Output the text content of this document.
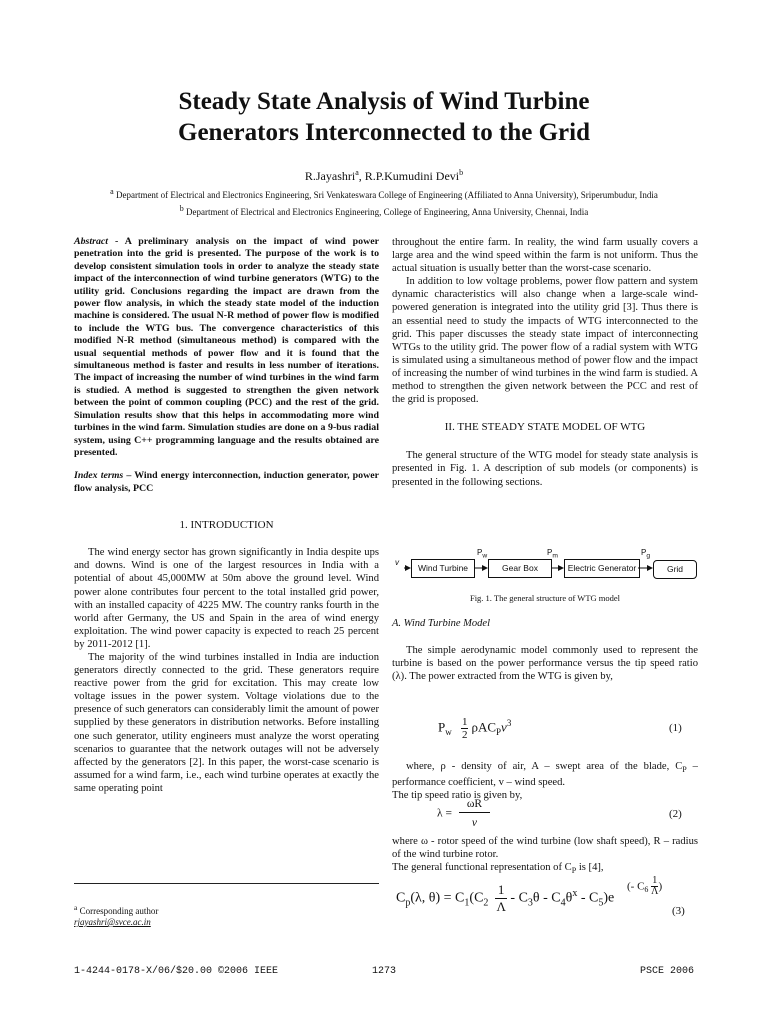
Steady State Analysis of Wind Turbine
Generators Interconnected to the Grid
R.Jayashri$^a$, R.P.Kumudini Devi$^b$
$^a$ Department of Electrical and Electronics Engineering, Sri Venkateswara College of Engineering (Affiliated to Anna University), Sriperumbudur, India
$^b$ Department of Electrical and Electronics Engineering, College of Engineering, Anna University, Chennai, India

Abstract - A preliminary analysis on the impact of wind power penetration into the grid is presented. The purpose of the work is to develop consistent simulation tools in order to analyze the steady state impact of the interconnection of wind turbine generators (WTG) to the utility grid. Conclusions regarding the impact are drawn from the power flow analysis, in which the steady state model of the induction machine is considered. The usual N-R method of power flow is modified to include the WTG bus. The convergence characteristics of this modified N-R method (simultaneous method) is compared with the usual sequential methods of power flow and it is found that the simultaneous method is faster and results in less number of iterations. The impact of increasing the number of wind turbines in the wind farm is studied. A method is suggested to strengthen the given network between the point of common coupling (PCC) and the rest of the grid. Simulation results show that this helps in accommodating more wind turbines in the wind farm. Simulation studies are done on a 9-bus radial system, using C++ programming language and the results obtained are presented.

Index terms – Wind energy interconnection, induction generator, power flow analysis, PCC

1. INTRODUCTION

The wind energy sector has grown significantly in India despite ups and downs. Wind is one of the largest resources in India with a potential of about 45,000MW at 50m above the ground level. Wind power alone contributes four percent to the total installed grid power, with an installed capacity of 4225 MW. The country ranks fourth in the world after Germany, the US and Spain in the area of wind energy exploitation. The wind power capacity is expected to reach 25 percent by 2011-2012 [1].

The majority of the wind turbines installed in India are induction generators directly connected to the grid. These generators require reactive power from the grid for excitation. This may create low voltage issues in the power system. Voltage violations due to the presence of such generators can considerably limit the amount of power supplied by these generators in distribution networks. Before installing one such generator, utility engineers must analyze the worst operating scenarios to guarantee that the network outages will not be adversely affected by the generators [2]. In this paper, the worst-case scenario is assumed for a wind farm, i.e., each wind turbine operates at exactly the same operating point

$^a$ Corresponding author
rjayashri@svce.ac.in

throughout the entire farm. In reality, the wind farm usually covers a large area and the wind speed within the farm is not uniform. Thus the actual situation is usually better than the worst-case scenario.

In addition to low voltage problems, power flow pattern and system dynamic characteristics will also change when a large-scale wind-powered generation is integrated into the utility grid [3]. Thus there is an essential need to study the impacts of WTG interconnected to the grid. This paper discusses the steady state impact of interconnecting WTGs to the utility grid. The power flow of a radial system with WTG is simulated using a simultaneous method of power flow and the impact of increasing the number of wind turbines in the wind farm is studied. A method to strengthen the given network between the PCC and rest of the grid is proposed.

II. THE STEADY STATE MODEL OF WTG

The general structure of the WTG model for steady state analysis is presented in Fig. 1. A description of sub models (or components) is presented in the following sections.

v
Wind Turbine	Gear Box	Electric Generator	Grid
$P_w$	$P_m$	$P_g$
Fig. 1. The general structure of WTG model

A. Wind Turbine Model

The simple aerodynamic model commonly used to represent the turbine is based on the power performance versus the tip speed ratio (λ). The power extracted from the WTG is given by,

$P_w \frac{1}{2} \rho AC_Pv^3$	(1)

where, ρ - density of air, A – swept area of the blade, $C_P$ – performance coefficient, v – wind speed.

The tip speed ratio is given by,

$\lambda = \frac{\omega R}{v}$	(2)

where ω - rotor speed of the wind turbine (low shaft speed), R – radius of the wind turbine rotor.

The general functional representation of $C_P$ is [4],

$C_p(\lambda$, $\theta) = C_1(C_2 \frac{1}{\Lambda} - C_3\theta - C_4\theta^x - C_5)e$
(- $C_6 \frac{1}{\Lambda}$ )
(3)
1-4244-0178-X/06/$20.00 ©2006 IEEE	1273	PSCE 2006
